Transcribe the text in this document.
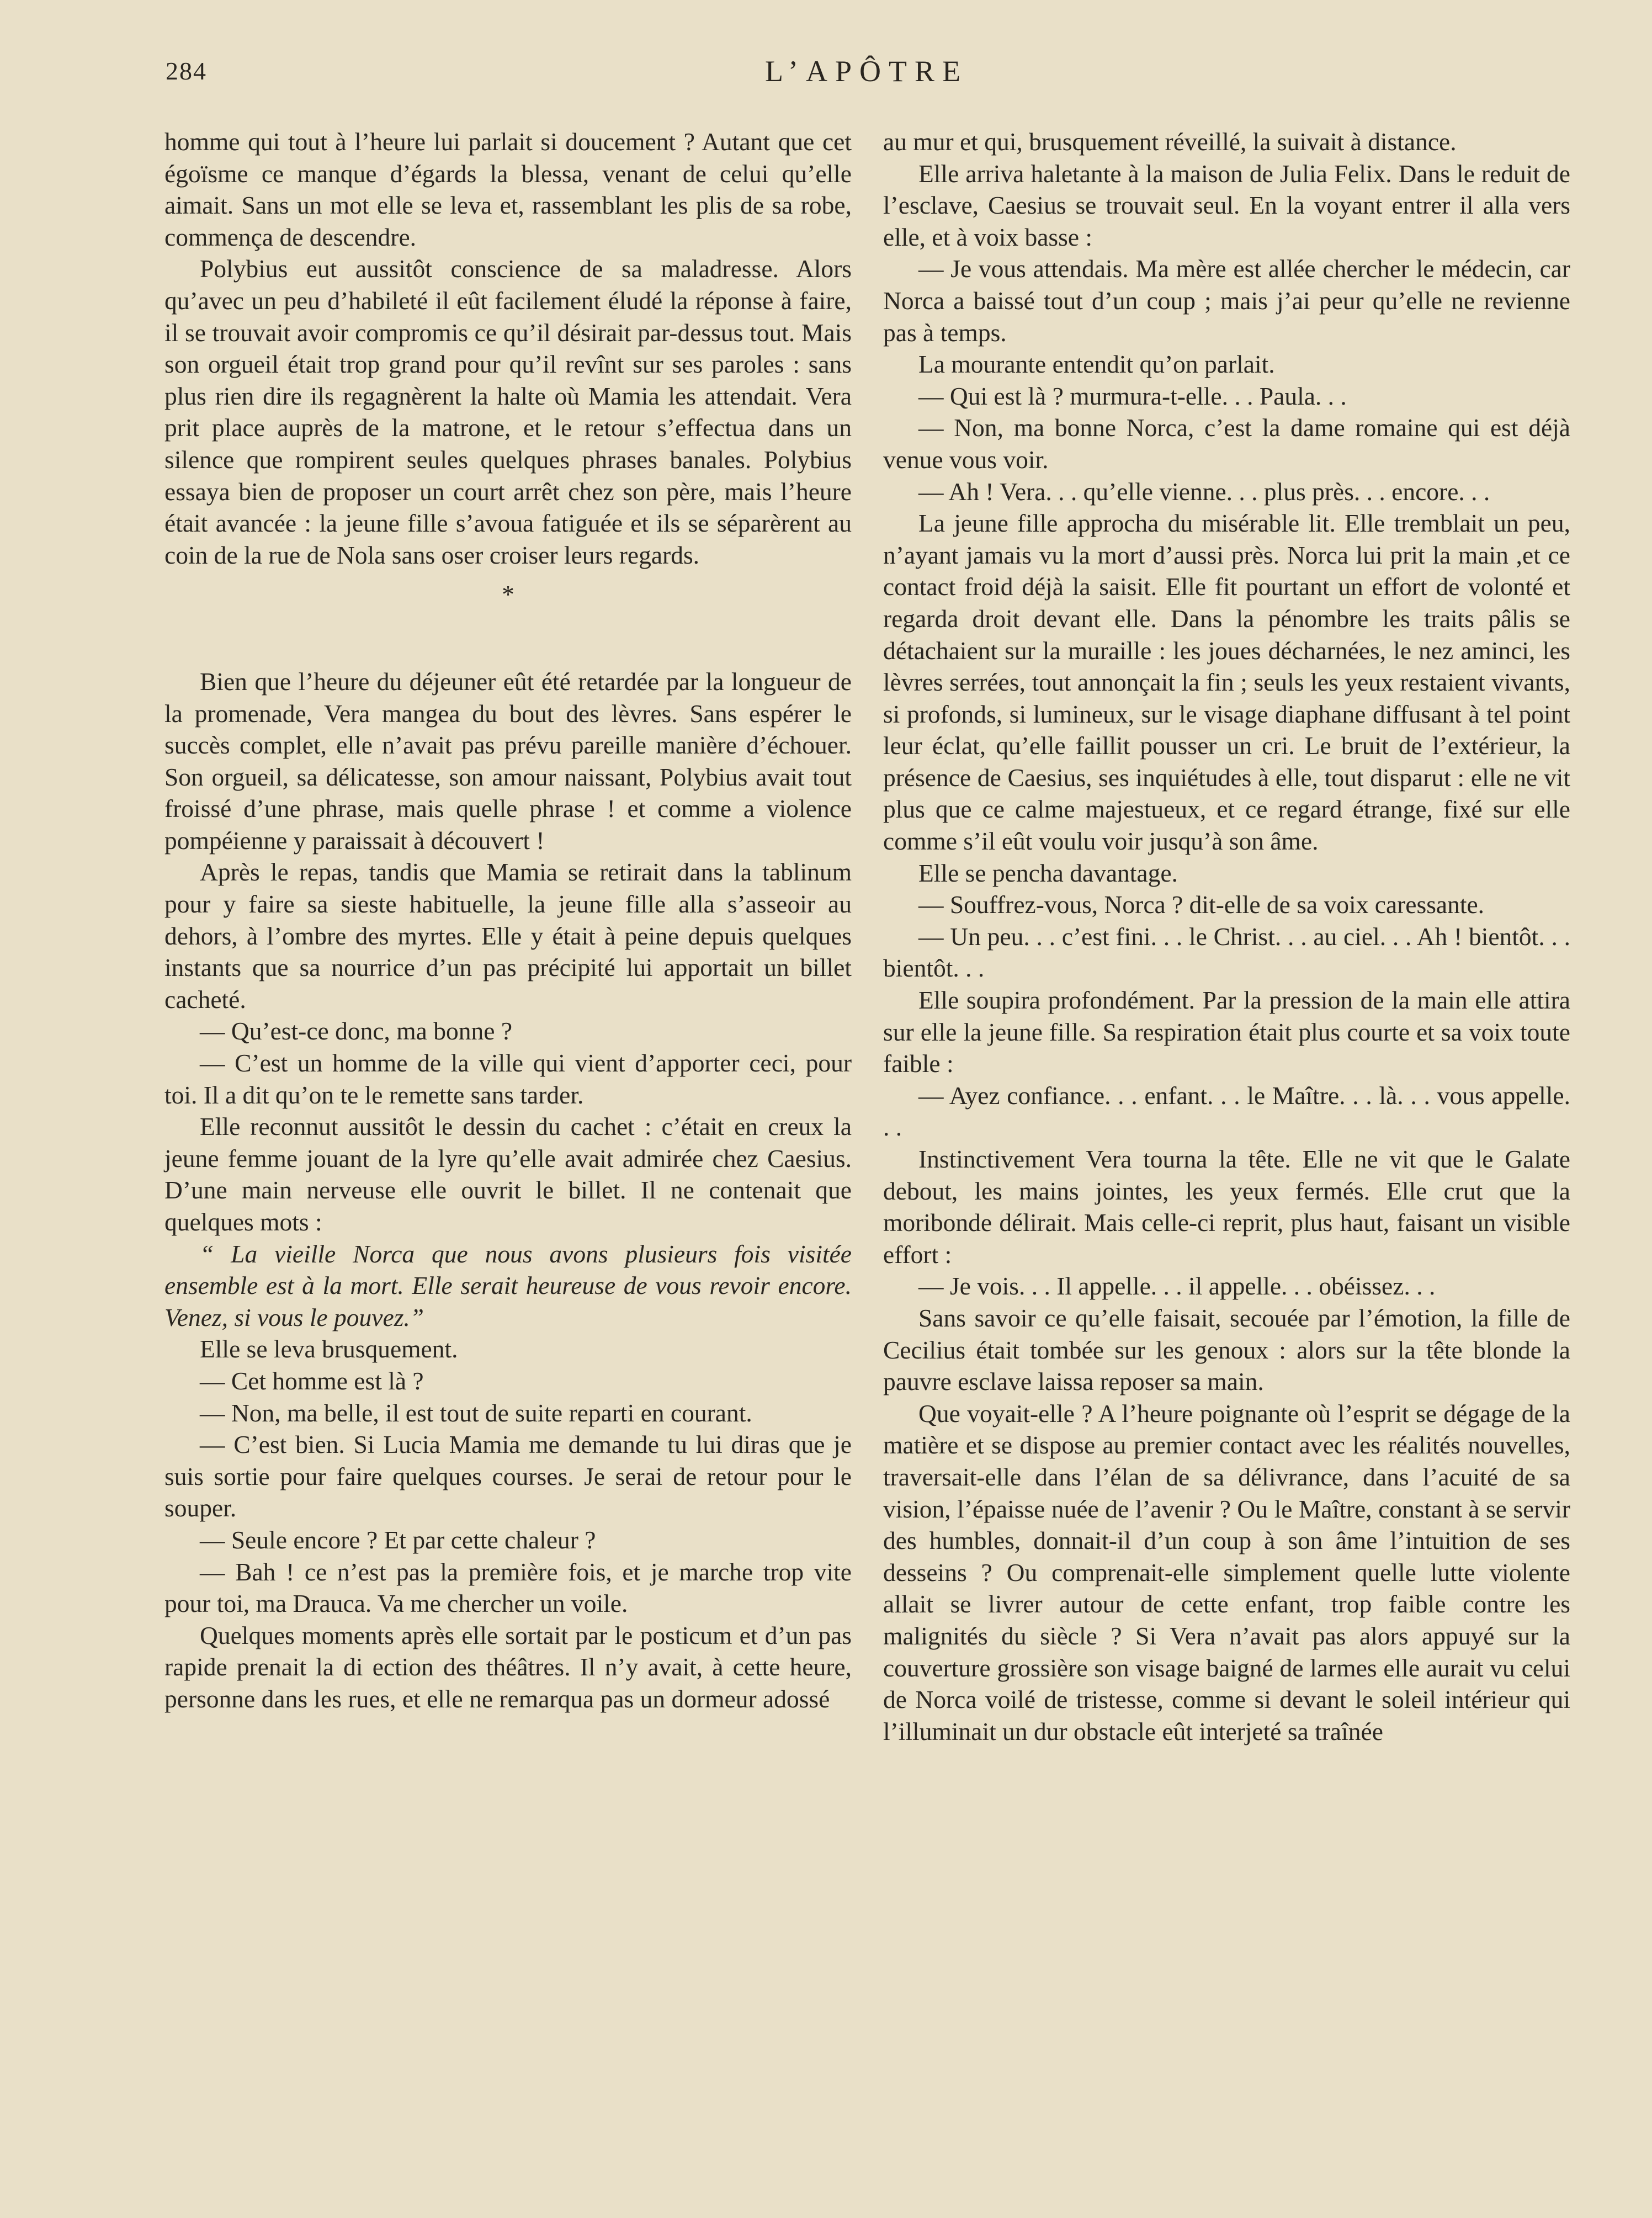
284	L’APÔTRE

homme qui tout à l’heure lui parlait si doucement ? Autant que cet égoïsme ce manque d’égards la blessa, venant de celui qu’elle aimait. Sans un mot elle se leva et, rassemblant les plis de sa robe, commença de descendre.

Polybius eut aussitôt conscience de sa maladresse. Alors qu’avec un peu d’habileté il eût facilement éludé la réponse à faire, il se trouvait avoir compromis ce qu’il désirait par-dessus tout. Mais son orgueil était trop grand pour qu’il revînt sur ses paroles : sans plus rien dire ils regagnèrent la halte où Mamia les attendait. Vera prit place auprès de la matrone, et le retour s’effectua dans un silence que rompirent seules quelques phrases banales. Polybius essaya bien de proposer un court arrêt chez son père, mais l’heure était avancée : la jeune fille s’avoua fatiguée et ils se séparèrent au coin de la rue de Nola sans oser croiser leurs regards.

*

Bien que l’heure du déjeuner eût été retardée par la longueur de la promenade, Vera mangea du bout des lèvres. Sans espérer le succès complet, elle n’avait pas prévu pareille manière d’échouer. Son orgueil, sa délicatesse, son amour naissant, Polybius avait tout froissé d’une phrase, mais quelle phrase ! et comme a violence pompéienne y paraissait à découvert !

Après le repas, tandis que Mamia se retirait dans la tablinum pour y faire sa sieste habituelle, la jeune fille alla s’asseoir au dehors, à l’ombre des myrtes. Elle y était à peine depuis quelques instants que sa nourrice d’un pas précipité lui apportait un billet cacheté.

— Qu’est-ce donc, ma bonne ?

— C’est un homme de la ville qui vient d’apporter ceci, pour toi. Il a dit qu’on te le remette sans tarder.

Elle reconnut aussitôt le dessin du cachet : c’était en creux la jeune femme jouant de la lyre qu’elle avait admirée chez Caesius. D’une main nerveuse elle ouvrit le billet. Il ne contenait que quelques mots :

“ La vieille Norca que nous avons plusieurs fois visitée ensemble est à la mort. Elle serait heureuse de vous revoir encore. Venez, si vous le pouvez.”

Elle se leva brusquement.

— Cet homme est là ?

— Non, ma belle, il est tout de suite reparti en courant.

— C’est bien. Si Lucia Mamia me demande tu lui diras que je suis sortie pour faire quelques courses. Je serai de retour pour le souper.

— Seule encore ? Et par cette chaleur ?

— Bah ! ce n’est pas la première fois, et je marche trop vite pour toi, ma Drauca. Va me chercher un voile.

Quelques moments après elle sortait par le posticum et d’un pas rapide prenait la di ection des théâtres. Il n’y avait, à cette heure, personne dans les rues, et elle ne remarqua pas un dormeur adossé

au mur et qui, brusquement réveillé, la suivait à distance.

Elle arriva haletante à la maison de Julia Felix. Dans le reduit de l’esclave, Caesius se trouvait seul. En la voyant entrer il alla vers elle, et à voix basse :

— Je vous attendais. Ma mère est allée chercher le médecin, car Norca a baissé tout d’un coup ; mais j’ai peur qu’elle ne revienne pas à temps.

La mourante entendit qu’on parlait.

— Qui est là ? murmura-t-elle. . . Paula. . .

— Non, ma bonne Norca, c’est la dame romaine qui est déjà venue vous voir.

— Ah ! Vera. . . qu’elle vienne. . . plus près. . . encore. . .

La jeune fille approcha du misérable lit. Elle tremblait un peu, n’ayant jamais vu la mort d’aussi près. Norca lui prit la main ,et ce contact froid déjà la saisit. Elle fit pourtant un effort de volonté et regarda droit devant elle. Dans la pénombre les traits pâlis se détachaient sur la muraille : les joues décharnées, le nez aminci, les lèvres serrées, tout annonçait la fin ; seuls les yeux restaient vivants, si profonds, si lumineux, sur le visage diaphane diffusant à tel point leur éclat, qu’elle faillit pousser un cri. Le bruit de l’extérieur, la présence de Caesius, ses inquiétudes à elle, tout disparut : elle ne vit plus que ce calme majestueux, et ce regard étrange, fixé sur elle comme s’il eût voulu voir jusqu’à son âme.

Elle se pencha davantage.

— Souffrez-vous, Norca ? dit-elle de sa voix caressante.

— Un peu. . . c’est fini. . . le Christ. . . au ciel. . . Ah ! bientôt. . . bientôt. . .

Elle soupira profondément. Par la pression de la main elle attira sur elle la jeune fille. Sa respiration était plus courte et sa voix toute faible :

— Ayez confiance. . . enfant. . . le Maître. . . là. . . vous appelle. . .

Instinctivement Vera tourna la tête. Elle ne vit que le Galate debout, les mains jointes, les yeux fermés. Elle crut que la moribonde délirait. Mais celle-ci reprit, plus haut, faisant un visible effort :

— Je vois. . . Il appelle. . . il appelle. . . obéissez. . .

Sans savoir ce qu’elle faisait, secouée par l’émotion, la fille de Cecilius était tombée sur les genoux : alors sur la tête blonde la pauvre esclave laissa reposer sa main.

Que voyait-elle ? A l’heure poignante où l’esprit se dégage de la matière et se dispose au premier contact avec les réalités nouvelles, traversait-elle dans l’élan de sa délivrance, dans l’acuité de sa vision, l’épaisse nuée de l’avenir ? Ou le Maître, constant à se servir des humbles, donnait-il d’un coup à son âme l’intuition de ses desseins ? Ou comprenait-elle simplement quelle lutte violente allait se livrer autour de cette enfant, trop faible contre les malignités du siècle ? Si Vera n’avait pas alors appuyé sur la couverture grossière son visage baigné de larmes elle aurait vu celui de Norca voilé de tristesse, comme si devant le soleil intérieur qui l’illuminait un dur obstacle eût interjeté sa traînée
